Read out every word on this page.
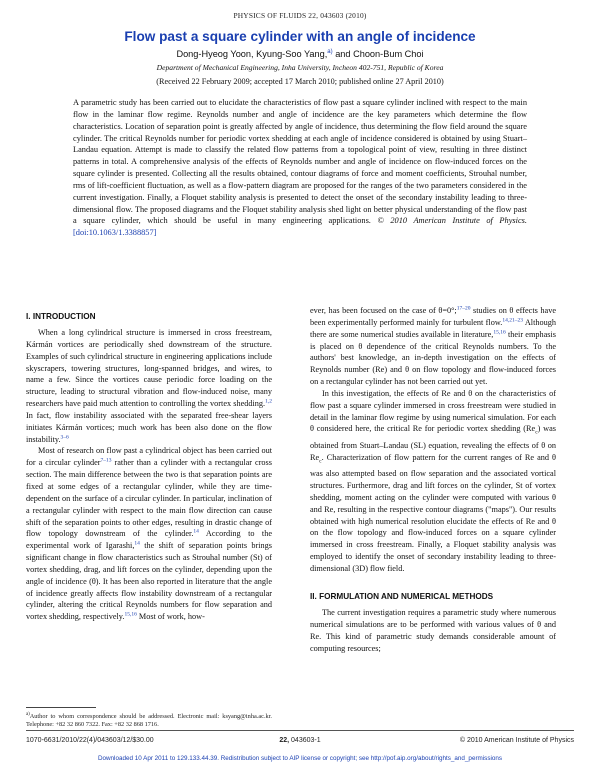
PHYSICS OF FLUIDS 22, 043603 (2010)
Flow past a square cylinder with an angle of incidence
Dong-Hyeog Yoon, Kyung-Soo Yang,$^{a)}$ and Choon-Bum Choi
Department of Mechanical Engineering, Inha University, Incheon 402-751, Republic of Korea
(Received 22 February 2009; accepted 17 March 2010; published online 27 April 2010)
A parametric study has been carried out to elucidate the characteristics of flow past a square cylinder inclined with respect to the main flow in the laminar flow regime. Reynolds number and angle of incidence are the key parameters which determine the flow characteristics. Location of separation point is greatly affected by angle of incidence, thus determining the flow field around the square cylinder. The critical Reynolds number for periodic vortex shedding at each angle of incidence considered is obtained by using Stuart–Landau equation. Attempt is made to classify the related flow patterns from a topological point of view, resulting in three distinct patterns in total. A comprehensive analysis of the effects of Reynolds number and angle of incidence on flow-induced forces on the square cylinder is presented. Collecting all the results obtained, contour diagrams of force and moment coefficients, Strouhal number, rms of lift-coefficient fluctuation, as well as a flow-pattern diagram are proposed for the ranges of the two parameters considered in the current investigation. Finally, a Floquet stability analysis is presented to detect the onset of the secondary instability leading to three-dimensional flow. The proposed diagrams and the Floquet stability analysis shed light on better physical understanding of the flow past a square cylinder, which should be useful in many engineering applications. © 2010 American Institute of Physics. [doi:10.1063/1.3388857]
I. INTRODUCTION

When a long cylindrical structure is immersed in cross freestream, Kármán vortices are periodically shed downstream of the structure. Examples of such cylindrical structure in engineering applications include skyscrapers, towering structures, long-spanned bridges, and wires, to name a few. Since the vortices cause periodic force loading on the structure, leading to structural vibration and flow-induced noise, many researchers have paid much attention to controlling the vortex shedding.$^{1,2}$ In fact, flow instability associated with the separated free-shear layers initiates Kármán vortices; much work has been also done on the flow instability.$^{3-6}$

Most of research on flow past a cylindrical object has been carried out for a circular cylinder$^{7-13}$ rather than a cylinder with a rectangular cross section. The main difference between the two is that separation points are fixed at some edges of a rectangular cylinder, while they are time-dependent on the surface of a circular cylinder. In particular, inclination of a rectangular cylinder with respect to the main flow direction can cause shift of the separation points to other edges, resulting in drastic change of flow topology downstream of the cylinder.$^{14}$ According to the experimental work of Igarashi,$^{14}$ the shift of separation points brings significant change in flow characteristics such as Strouhal number (St) of vortex shedding, drag, and lift forces on the cylinder, depending upon the angle of incidence (θ). It has been also reported in literature that the angle of incidence greatly affects flow instability downstream of a rectangular cylinder, altering the critical Reynolds numbers for flow separation and vortex shedding, respectively.$^{15,16}$ Most of work, how-

ever, has been focused on the case of θ=0°;$^{17-20}$ studies on θ effects have been experimentally performed mainly for turbulent flow.$^{14,21-23}$ Although there are some numerical studies available in literature,$^{15,16}$ their emphasis is placed on θ dependence of the critical Reynolds numbers. To the authors' best knowledge, an in-depth investigation on the effects of Reynolds number (Re) and θ on flow topology and flow-induced forces on a rectangular cylinder has not been carried out yet.

In this investigation, the effects of Re and θ on the characteristics of flow past a square cylinder immersed in cross freestream were studied in detail in the laminar flow regime by using numerical simulation. For each θ considered here, the critical Re for periodic vortex shedding $(Re_c)$ was obtained from Stuart–Landau (SL) equation, revealing the effects of θ on $Re_c$. Characterization of flow pattern for the current ranges of Re and θ was also attempted based on flow separation and the associated vortical structures. Furthermore, drag and lift forces on the cylinder, St of vortex shedding, moment acting on the cylinder were computed with various θ and Re, resulting in the respective contour diagrams ("maps"). Our results obtained with high numerical resolution elucidate the effects of Re and θ on the flow topology and flow-induced forces on a square cylinder immersed in cross freestream. Finally, a Floquet stability analysis was employed to identify the onset of secondary instability leading to three-dimensional (3D) flow field.

II. FORMULATION AND NUMERICAL METHODS

The current investigation requires a parametric study where numerous numerical simulations are to be performed with various values of θ and Re. This kind of parametric study demands considerable amount of computing resources;

$^{a)}$Author to whom correspondence should be addressed. Electronic mail: ksyang@inha.ac.kr. Telephone: +82 32 860 7322. Fax: +82 32 868 1716.
1070-6631/2010/22(4)/043603/12/$30.00	22, 043603-1	© 2010 American Institute of Physics
Downloaded 10 Apr 2011 to 129.133.44.39. Redistribution subject to AIP license or copyright; see http://pof.aip.org/about/rights_and_permissions
